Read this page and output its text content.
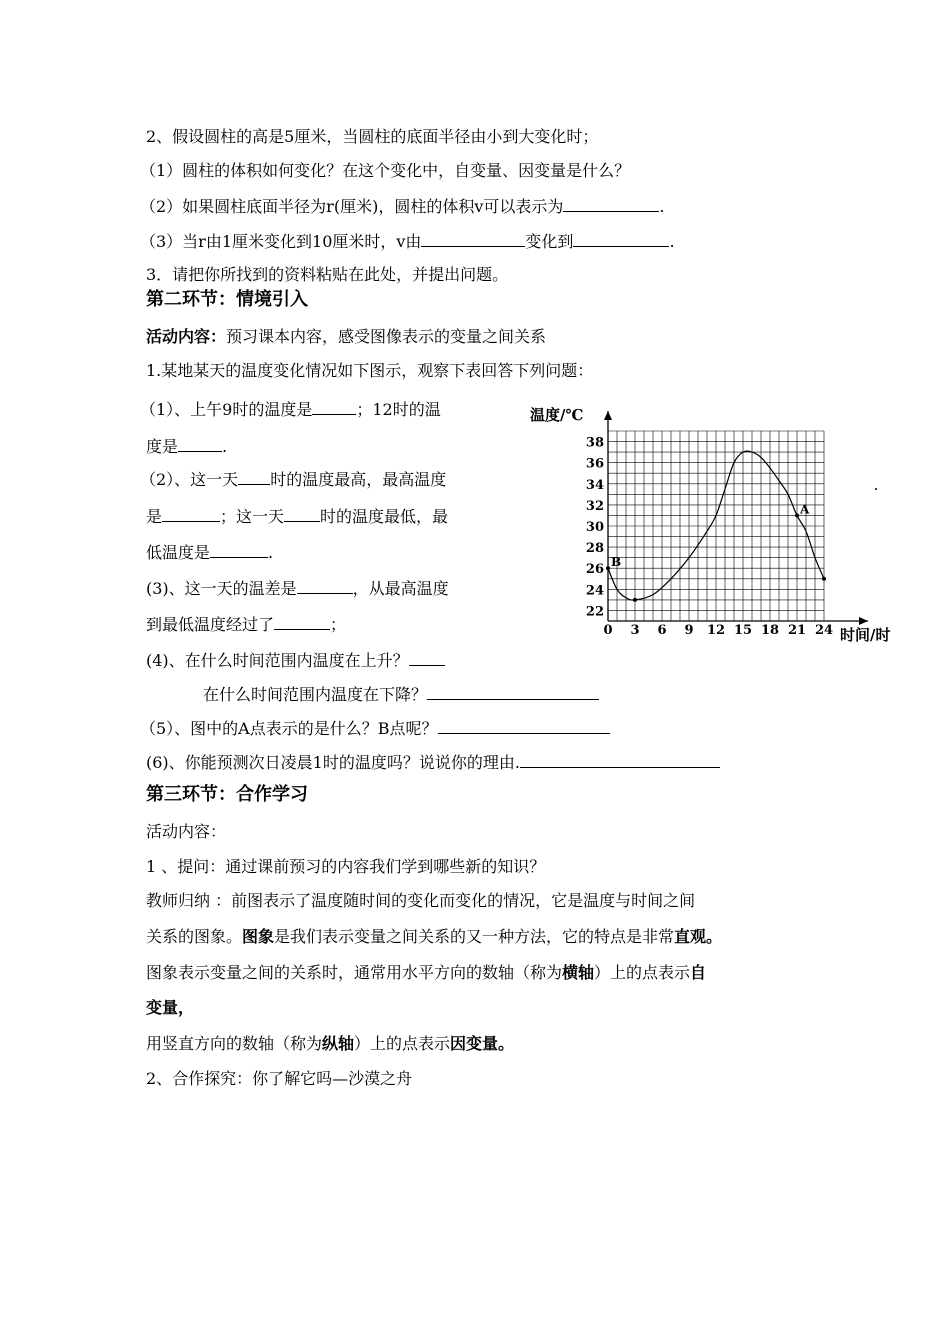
2、假设圆柱的高是5厘米，当圆柱的底面半径由小到大变化时；
（1）圆柱的体积如何变化？在这个变化中，自变量、因变量是什么？
（2）如果圆柱底面半径为r(厘米)，圆柱的体积v可以表示为	.
（3）当r由1厘米变化到10厘米时，v由	变化到	.
3．请把你所找到的资料粘贴在此处，并提出问题。
第二环节：情境引入
活动内容：预习课本内容，感受图像表示的变量之间关系
1.某地某天的温度变化情况如下图示，观察下表回答下列问题：
（1）、上午9时的温度是	；12时的温
度是	.
（2）、这一天 时的温度最高，最高温度
是	；这一天 时的温度最低，最
低温度是	.
(3)、这一天的温差是	，从最高温度
到最低温度经过了	；
(4)、在什么时间范围内温度在上升？
在什么时间范围内温度在下降？
（5）、图中的A点表示的是什么？B点呢？
(6)、你能预测次日凌晨1时的温度吗？说说你的理由.
0 3 6 9 12 15 18 21 24
22
24
26
28
30
32
34
36
38
B
A
温度/℃
时间/时
第三环节：合作学习
活动内容：
1 、提问：通过课前预习的内容我们学到哪些新的知识？
教师归纳 ：前图表示了温度随时间的变化而变化的情况，它是温度与时间之间
关系的图象。图象是我们表示变量之间关系的又一种方法，它的特点是非常直观。
图象表示变量之间的关系时，通常用水平方向的数轴（称为横轴）上的点表示自
变量，
用竖直方向的数轴（称为纵轴）上的点表示因变量。
2、合作探究：你了解它吗—沙漠之舟
